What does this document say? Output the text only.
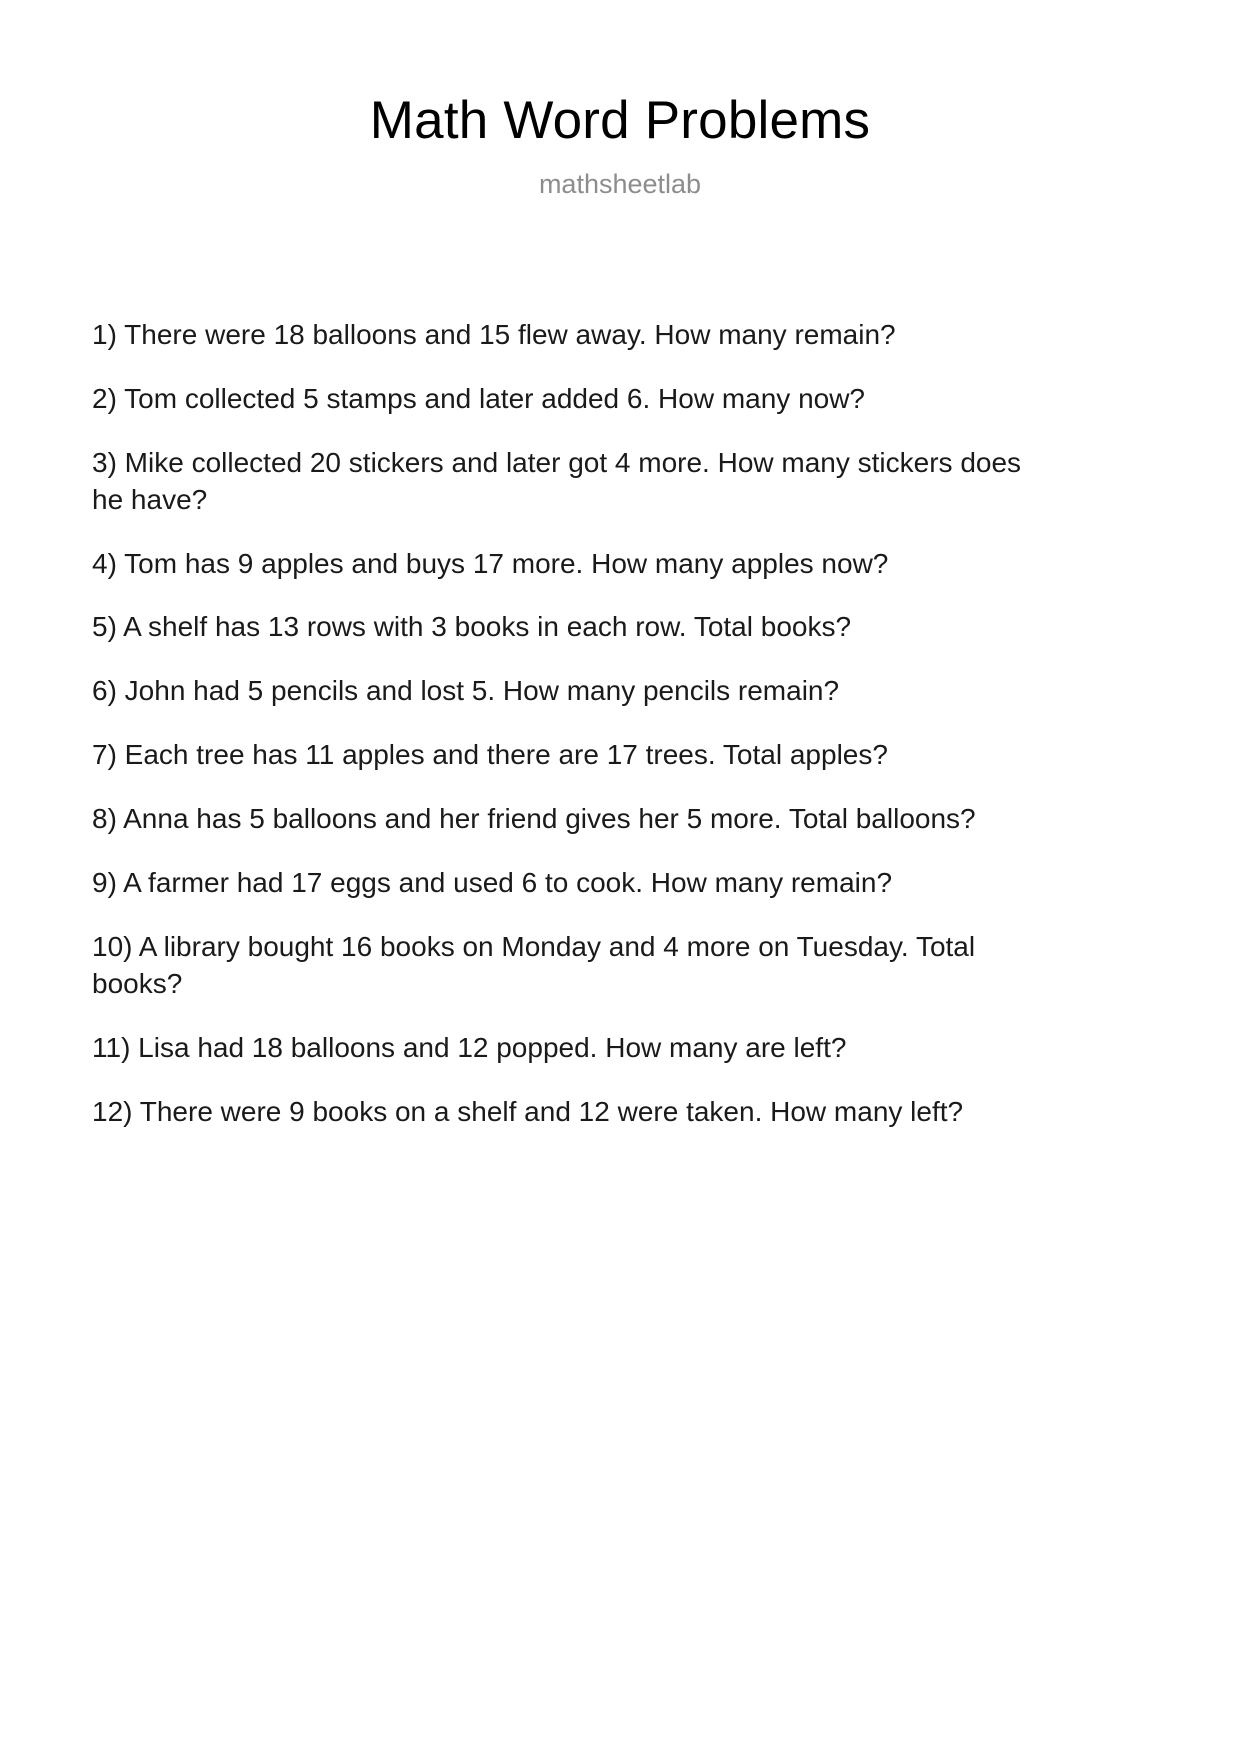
Math Word Problems
mathsheetlab

1) There were 18 balloons and 15 flew away. How many remain?

2) Tom collected 5 stamps and later added 6. How many now?

3) Mike collected 20 stickers and later got 4 more. How many stickers does he have?

4) Tom has 9 apples and buys 17 more. How many apples now?

5) A shelf has 13 rows with 3 books in each row. Total books?

6) John had 5 pencils and lost 5. How many pencils remain?

7) Each tree has 11 apples and there are 17 trees. Total apples?

8) Anna has 5 balloons and her friend gives her 5 more. Total balloons?

9) A farmer had 17 eggs and used 6 to cook. How many remain?

10) A library bought 16 books on Monday and 4 more on Tuesday. Total books?

11) Lisa had 18 balloons and 12 popped. How many are left?

12) There were 9 books on a shelf and 12 were taken. How many left?
